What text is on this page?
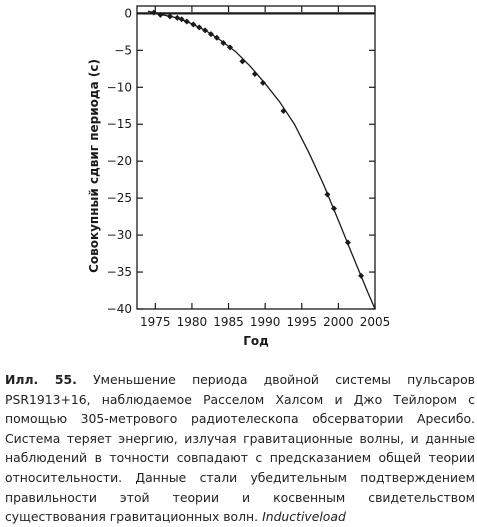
0
−5
−10
−15
−20
−25
−30
−35
−40
1975 1980 1985 1990 1995 2000 2005
Год
Совокупный сдвиг периода (с)
Илл. 55. Уменьшение периода двойной системы пульсаров PSR1913+16, наблюдаемое Расселом Халсом и Джо Тейлором с помощью 305-метрового радиотелескопа обсерватории Аресибо. Система теряет энергию, излучая гравитационные волны, и данные наблюдений в точности совпадают с предсказанием общей теории относительности. Данные стали убедительным подтверждением правильности этой теории и косвенным свидетельством существования гравитационных волн. Inductiveload
